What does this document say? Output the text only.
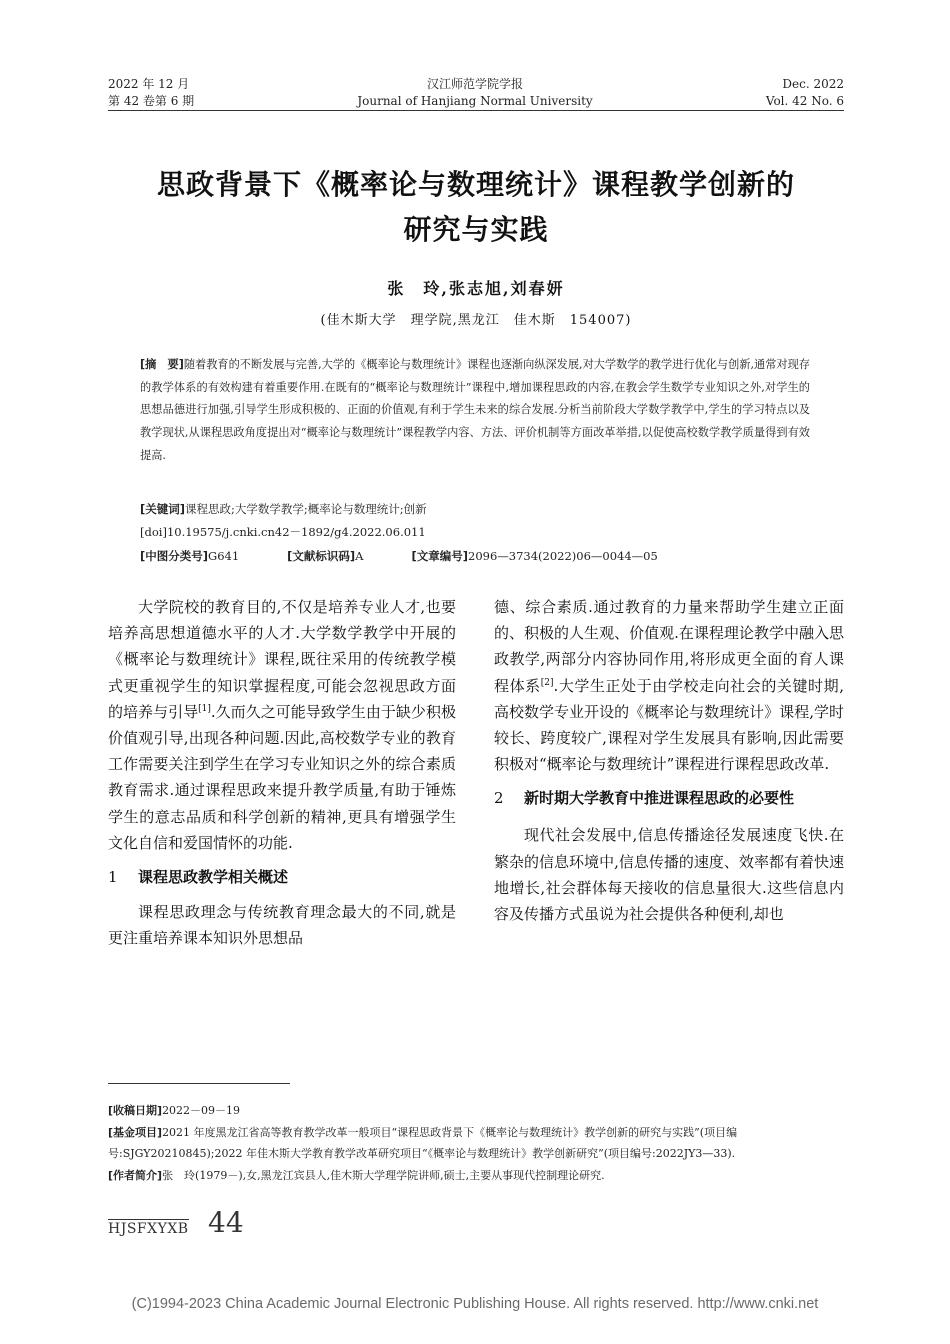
2022 年 12 月
第 42 卷第 6 期
汉江师范学院学报
Journal of Hanjiang Normal University
Dec. 2022
Vol. 42 No. 6
思政背景下《概率论与数理统计》课程教学创新的
研究与实践
张　玲,张志旭,刘春妍
(佳木斯大学　理学院,黑龙江　佳木斯　154007)
[摘　要]随着教育的不断发展与完善,大学的《概率论与数理统计》课程也逐渐向纵深发展,对大学数学的教学进行优化与创新,通常对现存的教学体系的有效构建有着重要作用.在既有的“概率论与数理统计”课程中,增加课程思政的内容,在教会学生数学专业知识之外,对学生的思想品德进行加强,引导学生形成积极的、正面的价值观,有利于学生未来的综合发展.分析当前阶段大学数学教学中,学生的学习特点以及教学现状,从课程思政角度提出对“概率论与数理统计”课程教学内容、方法、评价机制等方面改革举措,以促使高校数学教学质量得到有效提高.
[关键词]课程思政;大学数学教学;概率论与数理统计;创新
[doi]10.19575/j.cnki.cn42－1892/g4.2022.06.011
[中图分类号]G641	[文献标识码]A	[文章编号]2096—3734(2022)06—0044—05

大学院校的教育目的,不仅是培养专业人才,也要培养高思想道德水平的人才.大学数学教学中开展的《概率论与数理统计》课程,既往采用的传统教学模式更重视学生的知识掌握程度,可能会忽视思政方面的培养与引导[1].久而久之可能导致学生由于缺少积极价值观引导,出现各种问题.因此,高校数学专业的教育工作需要关注到学生在学习专业知识之外的综合素质教育需求.通过课程思政来提升教学质量,有助于锤炼学生的意志品质和科学创新的精神,更具有增强学生文化自信和爱国情怀的功能.

1	课程思政教学相关概述

课程思政理念与传统教育理念最大的不同,就是更注重培养课本知识外思想品

德、综合素质.通过教育的力量来帮助学生建立正面的、积极的人生观、价值观.在课程理论教学中融入思政教学,两部分内容协同作用,将形成更全面的育人课程体系[2].大学生正处于由学校走向社会的关键时期,高校数学专业开设的《概率论与数理统计》课程,学时较长、跨度较广,课程对学生发展具有影响,因此需要积极对“概率论与数理统计”课程进行课程思政改革.

2	新时期大学教育中推进课程思政的必要性

现代社会发展中,信息传播途径发展速度飞快.在繁杂的信息环境中,信息传播的速度、效率都有着快速地增长,社会群体每天接收的信息量很大.这些信息内容及传播方式虽说为社会提供各种便利,却也

[收稿日期]2022－09－19

[基金项目]2021 年度黑龙江省高等教育教学改革一般项目“课程思政背景下《概率论与数理统计》教学创新的研究与实践”(项目编号:SJGY20210845);2022 年佳木斯大学教育教学改革研究项目“《概率论与数理统计》教学创新研究”(项目编号:2022JY3—33).

[作者简介]张　玲(1979－),女,黑龙江宾县人,佳木斯大学理学院讲师,硕士,主要从事现代控制理论研究.

HJSFXYXB 44
(C)1994-2023 China Academic Journal Electronic Publishing House. All rights reserved. http://www.cnki.net
